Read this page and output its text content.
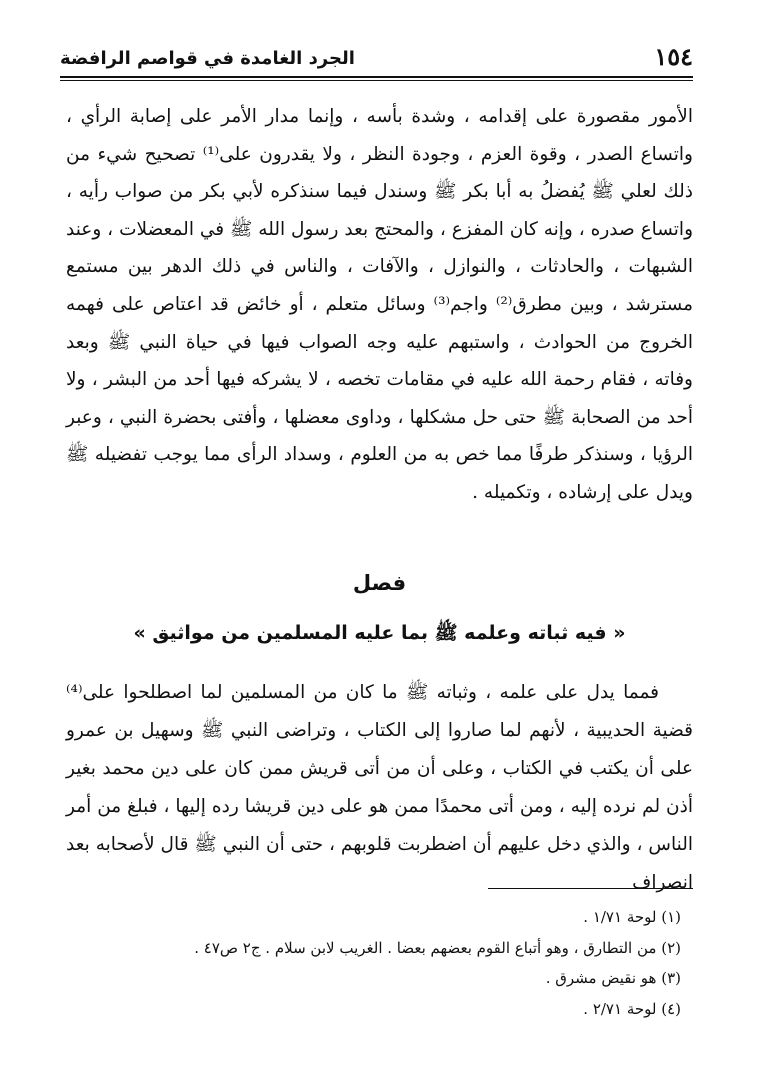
١٥٤
الجرد الغامدة في قواصم الرافضة

الأمور مقصورة على إقدامه ، وشدة بأسه ، وإنما مدار الأمر على إصابة الرأي ، واتساع الصدر ، وقوة العزم ، وجودة النظر ، ولا يقدرون على⁽¹⁾ تصحيح شيء من ذلك لعلي ﷺ يُفضلُ به أبا بكر ﷺ وسندل فيما سنذكره لأبي بكر من صواب رأيه ، واتساع صدره ، وإنه كان المفزع ، والمحتج بعد رسول الله ﷺ في المعضلات ، وعند الشبهات ، والحادثات ، والنوازل ، والآفات ، والناس في ذلك الدهر بين مستمع مسترشد ، وبين مطرق⁽²⁾ واجم⁽³⁾ وسائل متعلم ، أو خائض قد اعتاص على فهمه الخروج من الحوادث ، واستبهم عليه وجه الصواب فيها في حياة النبي ﷺ وبعد وفاته ، فقام رحمة الله عليه في مقامات تخصه ، لا يشركه فيها أحد من البشر ، ولا أحد من الصحابة ﷺ حتى حل مشكلها ، وداوى معضلها ، وأفتى بحضرة النبي ، وعبر الرؤيا ، وسنذكر طرفًا مما خص به من العلوم ، وسداد الرأى مما يوجب تفضيله ﷺ ويدل على إرشاده ، وتكميله .

فصل
« فيه ثباته وعلمه ﷺ بما عليه المسلمين من مواثيق »

فمما يدل على علمه ، وثباته ﷺ ما كان من المسلمين لما اصطلحوا على⁽⁴⁾ قضية الحديبية ، لأنهم لما صاروا إلى الكتاب ، وتراضى النبي ﷺ وسهيل بن عمرو على أن يكتب في الكتاب ، وعلى أن من أتى قريش ممن كان على دين محمد بغير أذن لم نرده إليه ، ومن أتى محمدًا ممن هو على دين قريشا رده إليها ، فبلغ من أمر الناس ، والذي دخل عليهم أن اضطربت قلوبهم ، حتى أن النبي ﷺ قال لأصحابه بعد انصراف

(١) لوحة ١/٧١ .
(٢) من التطارق ، وهو أتباع القوم بعضهم بعضا . الغريب لابن سلام . ج٢ ص٤٧ .
(٣) هو نقيض مشرق .
(٤) لوحة ٢/٧١ .
